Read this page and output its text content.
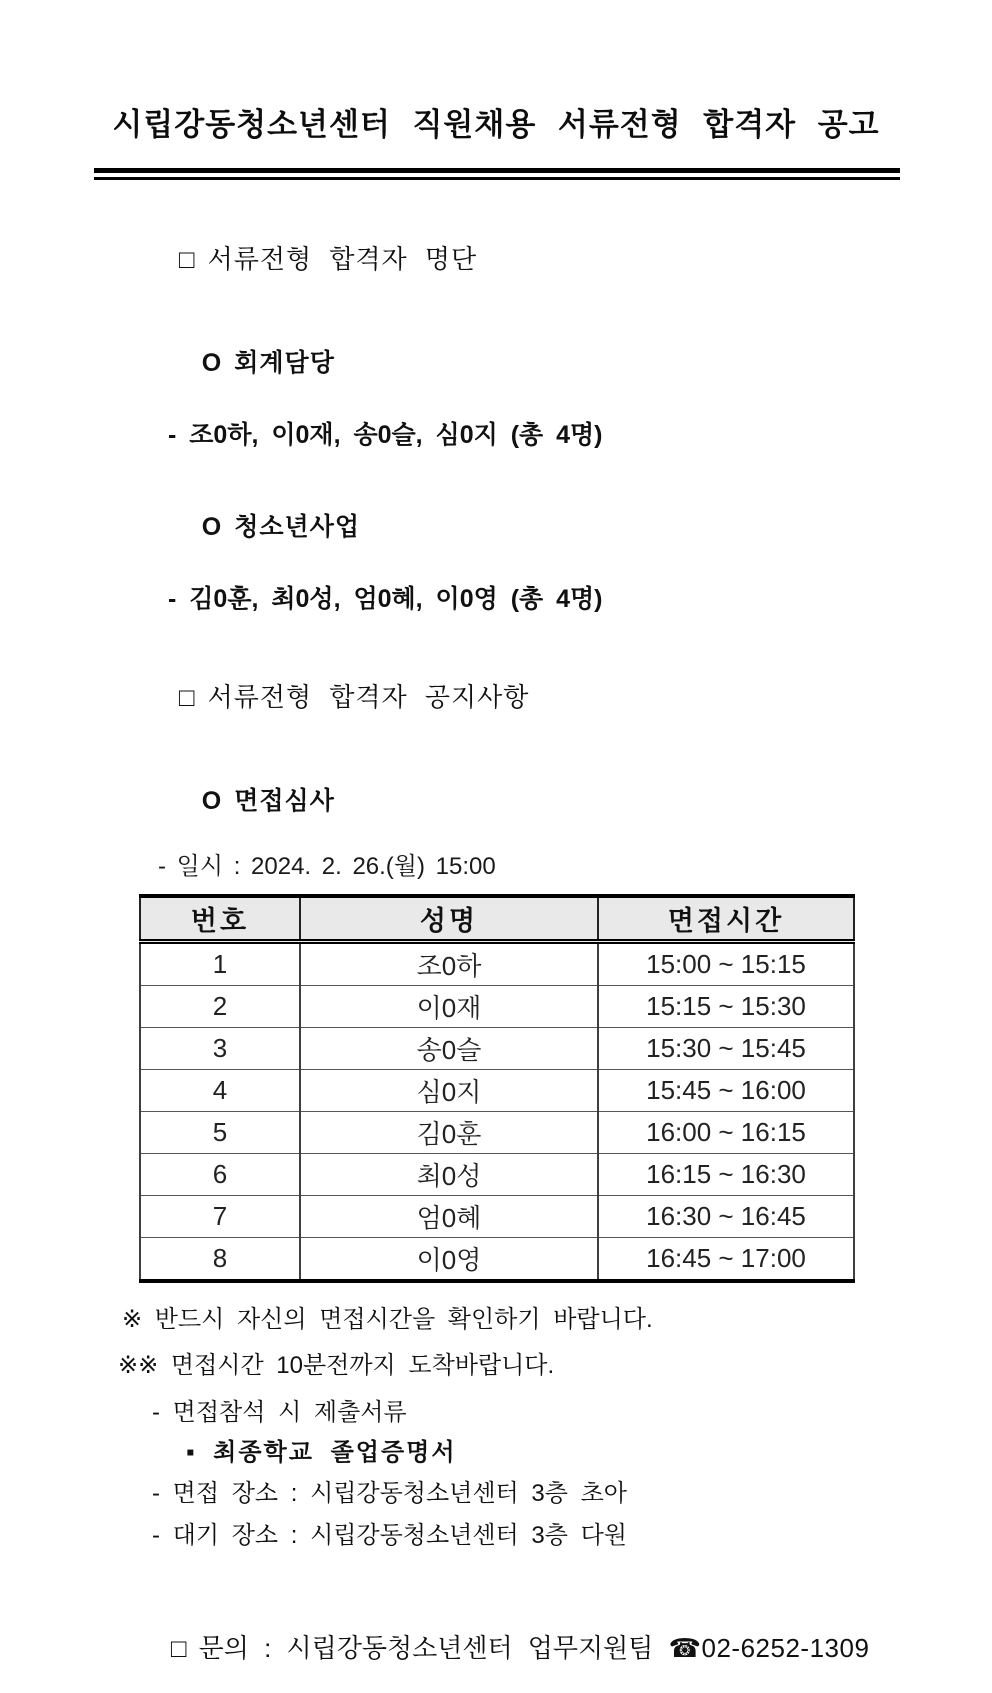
시립강동청소년센터 직원채용 서류전형 합격자 공고

□ 서류전형 합격자 명단

O 회계담당

- 조0하, 이0재, 송0슬, 심0지 (총 4명)

O 청소년사업

- 김0훈, 최0성, 엄0혜, 이0영 (총 4명)

□ 서류전형 합격자 공지사항

O 면접심사

- 일시 : 2024. 2. 26.(월) 15:00
번호	성명	면접시간
1	조0하	15:00 ~ 15:15
2	이0재	15:15 ~ 15:30
3	송0슬	15:30 ~ 15:45
4	심0지	15:45 ~ 16:00
5	김0훈	16:00 ~ 16:15
6	최0성	16:15 ~ 16:30
7	엄0혜	16:30 ~ 16:45
8	이0영	16:45 ~ 17:00
※ 반드시 자신의 면접시간을 확인하기 바랍니다.
※※ 면접시간 10분전까지 도착바랍니다.
- 면접참석 시 제출서류
▪ 최종학교 졸업증명서
- 면접 장소 : 시립강동청소년센터 3층 초아
- 대기 장소 : 시립강동청소년센터 3층 다원

□ 문의 : 시립강동청소년센터 업무지원팀 ☎02-6252-1309
